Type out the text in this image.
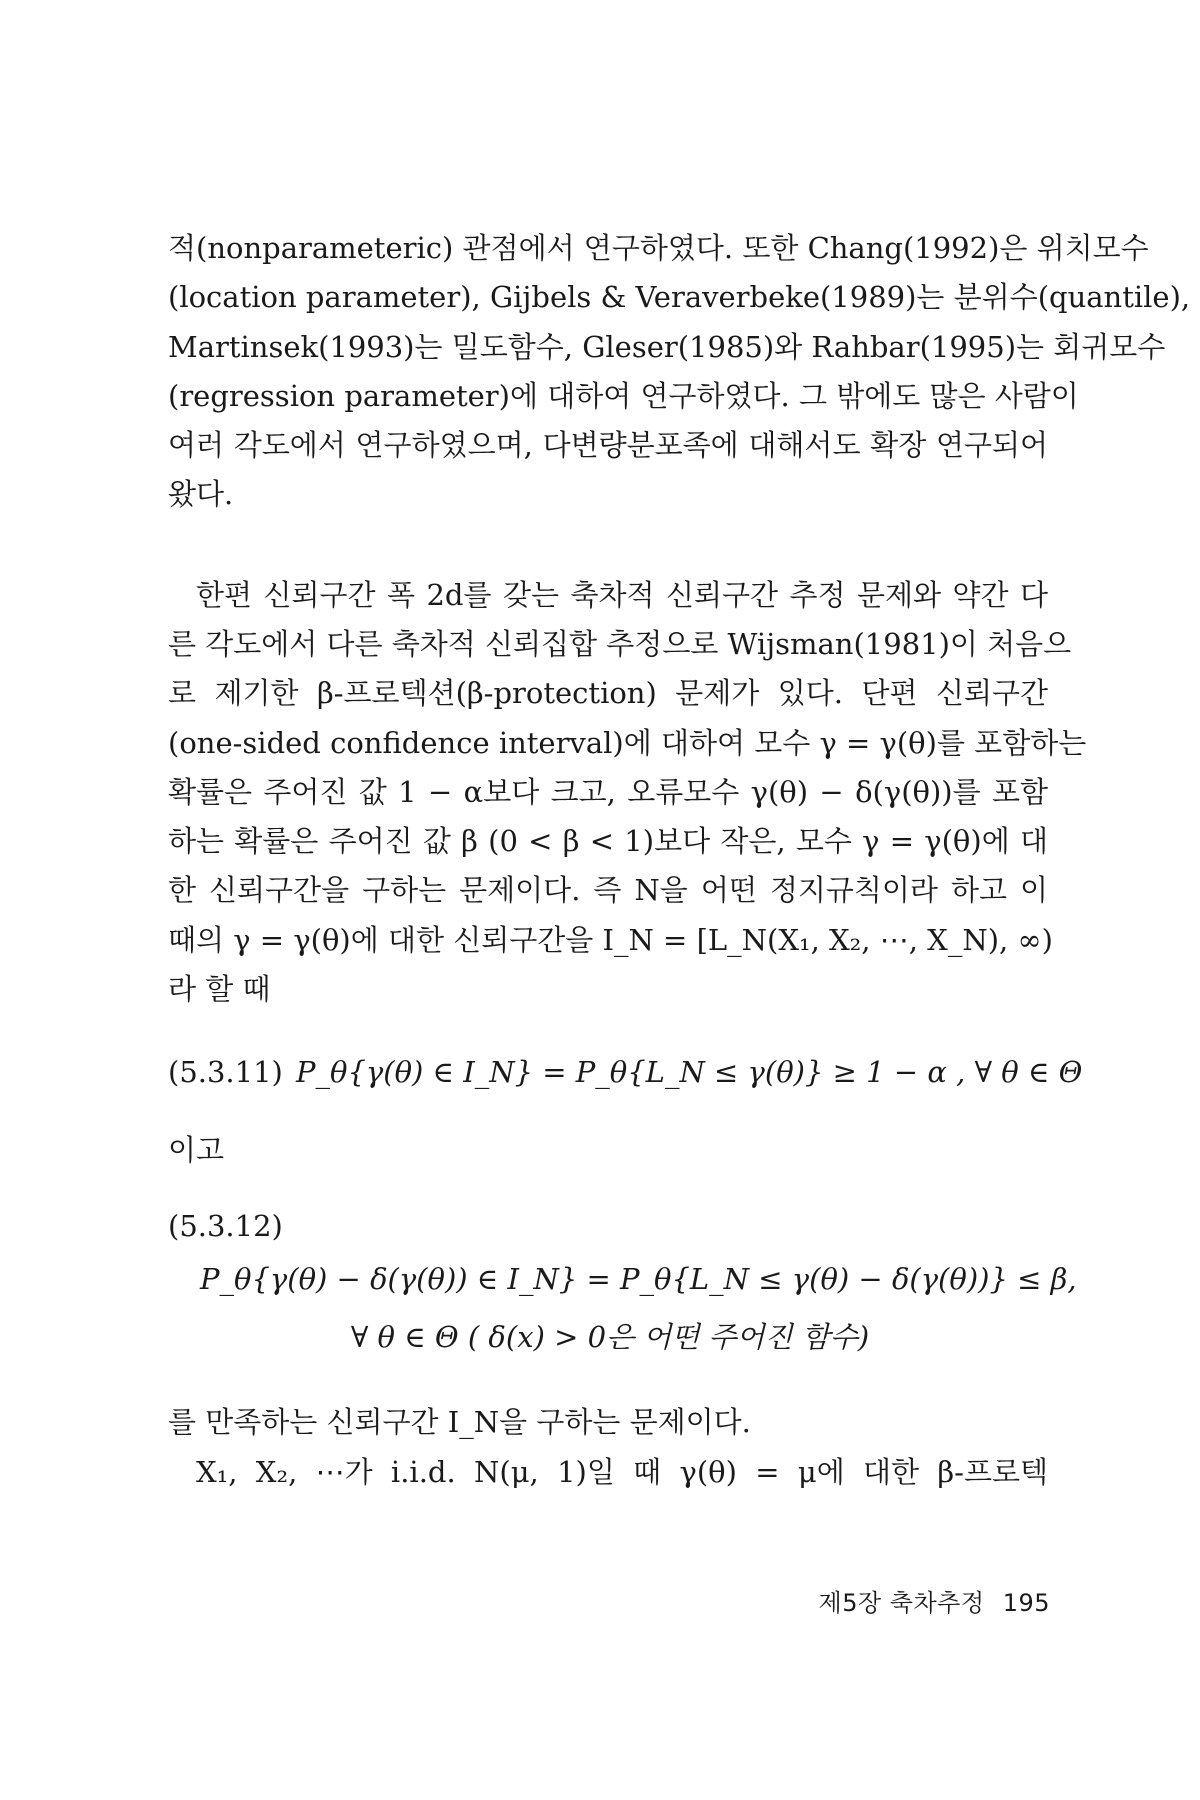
적(nonparameteric) 관점에서 연구하였다. 또한 Chang(1992)은 위치모수
(location parameter), Gijbels & Veraverbeke(1989)는 분위수(quantile),
Martinsek(1993)는 밀도함수, Gleser(1985)와 Rahbar(1995)는 회귀모수
(regression parameter)에 대하여 연구하였다. 그 밖에도 많은 사람이
여러 각도에서 연구하였으며, 다변량분포족에 대해서도 확장 연구되어
왔다.
한편 신뢰구간 폭 2d를 갖는 축차적 신뢰구간 추정 문제와 약간 다
른 각도에서 다른 축차적 신뢰집합 추정으로 Wijsman(1981)이 처음으
로 제기한 β-프로텍션(β-protection) 문제가 있다. 단편 신뢰구간
(one-sided confidence interval)에 대하여 모수 γ = γ(θ)를 포함하는
확률은 주어진 값 1 − α보다 크고, 오류모수 γ(θ) − δ(γ(θ))를 포함
하는 확률은 주어진 값 β (0 < β < 1)보다 작은, 모수 γ = γ(θ)에 대
한 신뢰구간을 구하는 문제이다. 즉 N을 어떤 정지규칙이라 하고 이
때의 γ = γ(θ)에 대한 신뢰구간을 I_N = [L_N(X₁, X₂, ⋯, X_N), ∞)
라 할 때
(5.3.11) P_θ{γ(θ) ∈ I_N} = P_θ{L_N ≤ γ(θ)} ≥ 1 − α , ∀ θ ∈ Θ
이고
(5.3.12)
P_θ{γ(θ) − δ(γ(θ)) ∈ I_N} = P_θ{L_N ≤ γ(θ) − δ(γ(θ))} ≤ β,
∀ θ ∈ Θ ( δ(x) > 0은 어떤 주어진 함수)
를 만족하는 신뢰구간 I_N을 구하는 문제이다.
X₁, X₂, ⋯가 i.i.d. N(μ, 1)일 때 γ(θ) = μ에 대한 β-프로텍
제5장 축차추정 195
